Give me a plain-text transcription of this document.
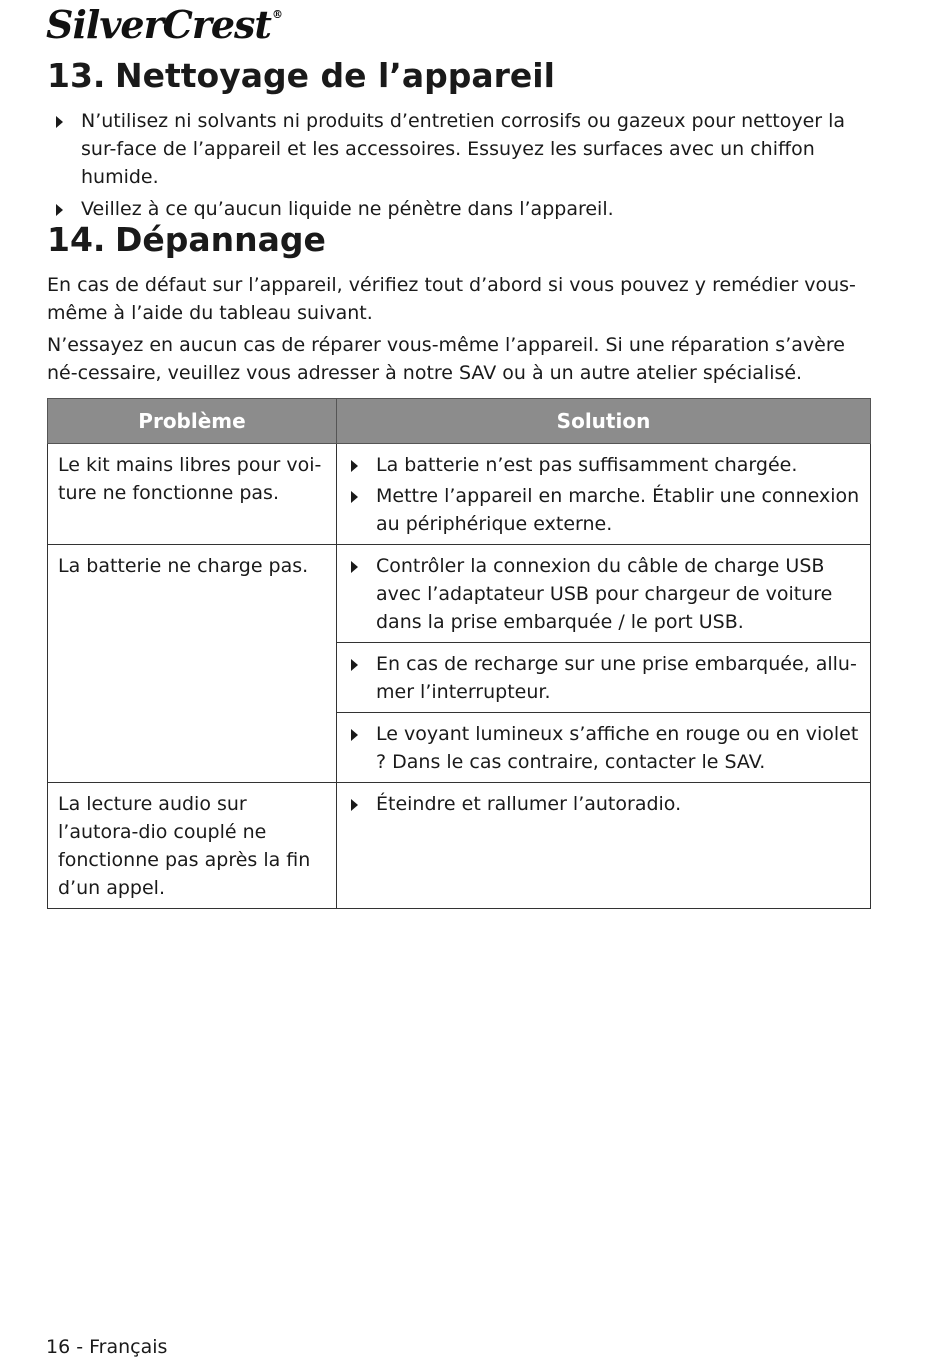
SilverCrest®
13. Nettoyage de l’appareil
N’utilisez ni solvants ni produits d’entretien corrosifs ou gazeux pour nettoyer la sur-face de l’appareil et les accessoires. Essuyez les surfaces avec un chiffon humide.
Veillez à ce qu’aucun liquide ne pénètre dans l’appareil.
14. Dépannage

En cas de défaut sur l’appareil, vérifiez tout d’abord si vous pouvez y remédier vous-même à l’aide du tableau suivant.

N’essayez en aucun cas de réparer vous-même l’appareil. Si une réparation s’avère né-cessaire, veuillez vous adresser à notre SAV ou à un autre atelier spécialisé.

Problème	Solution
Le kit mains libres pour voi-ture ne fonctionne pas.	La batterie n’est pas suffisamment chargée.
Mettre l’appareil en marche. Établir une connexion au périphérique externe.

La batterie ne charge pas.	Contrôler la connexion du câble de charge USB avec l’adaptateur USB pour chargeur de voiture dans la prise embarquée / le port USB.

En cas de recharge sur une prise embarquée, allu-mer l’interrupteur.

Le voyant lumineux s’affiche en rouge ou en violet ? Dans le cas contraire, contacter le SAV.

La lecture audio sur l’autora-dio couplé ne fonctionne pas après la fin d’un appel.	Éteindre et rallumer l’autoradio.
16 - Français
